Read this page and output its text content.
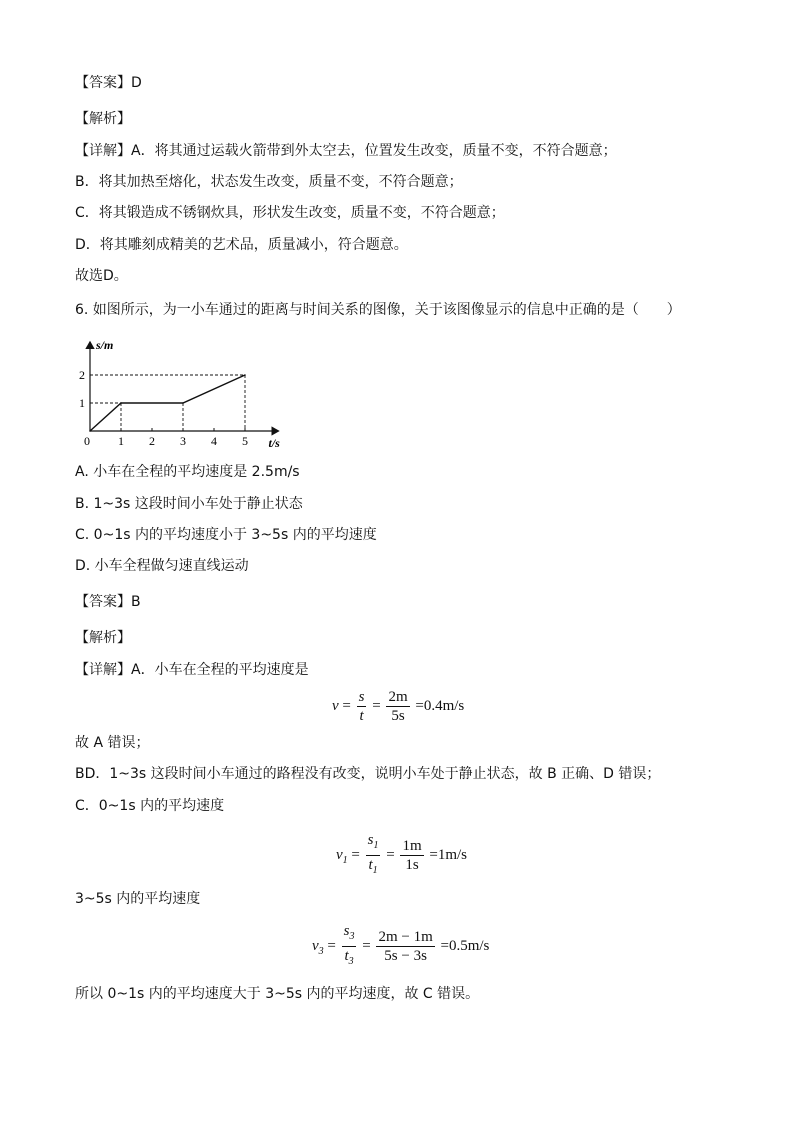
【答案】D
【解析】
【详解】A．将其通过运载火箭带到外太空去，位置发生改变，质量不变，不符合题意；
B．将其加热至熔化，状态发生改变，质量不变，不符合题意；
C．将其锻造成不锈钢炊具，形状发生改变，质量不变，不符合题意；
D．将其雕刻成精美的艺术品，质量减小，符合题意。
故选D。
6. 如图所示，为一小车通过的距离与时间关系的图像，关于该图像显示的信息中正确的是（　　）
s/m
t/s
0 1 2 3 4 5
1
2
A. 小车在全程的平均速度是 2.5m/s
B. 1~3s 这段时间小车处于静止状态
C. 0~1s 内的平均速度小于 3~5s 内的平均速度
D. 小车全程做匀速直线运动
【答案】B
【解析】
【详解】A．小车在全程的平均速度是
$v = \frac{s}{t} = \frac{2m}{5s} =0.4m/s$
故 A 错误；
BD．1~3s 这段时间小车通过的路程没有改变，说明小车处于静止状态，故 B 正确、D 错误；
C．0~1s 内的平均速度
$v_1 = \frac{s_1}{t_1} = \frac{1m}{1s} =1m/s$
3~5s 内的平均速度
$v_3 = \frac{s_3}{t_3} = \frac{2m - 1m}{5s - 3s} =0.5m/s$
所以 0~1s 内的平均速度大于 3~5s 内的平均速度，故 C 错误。
